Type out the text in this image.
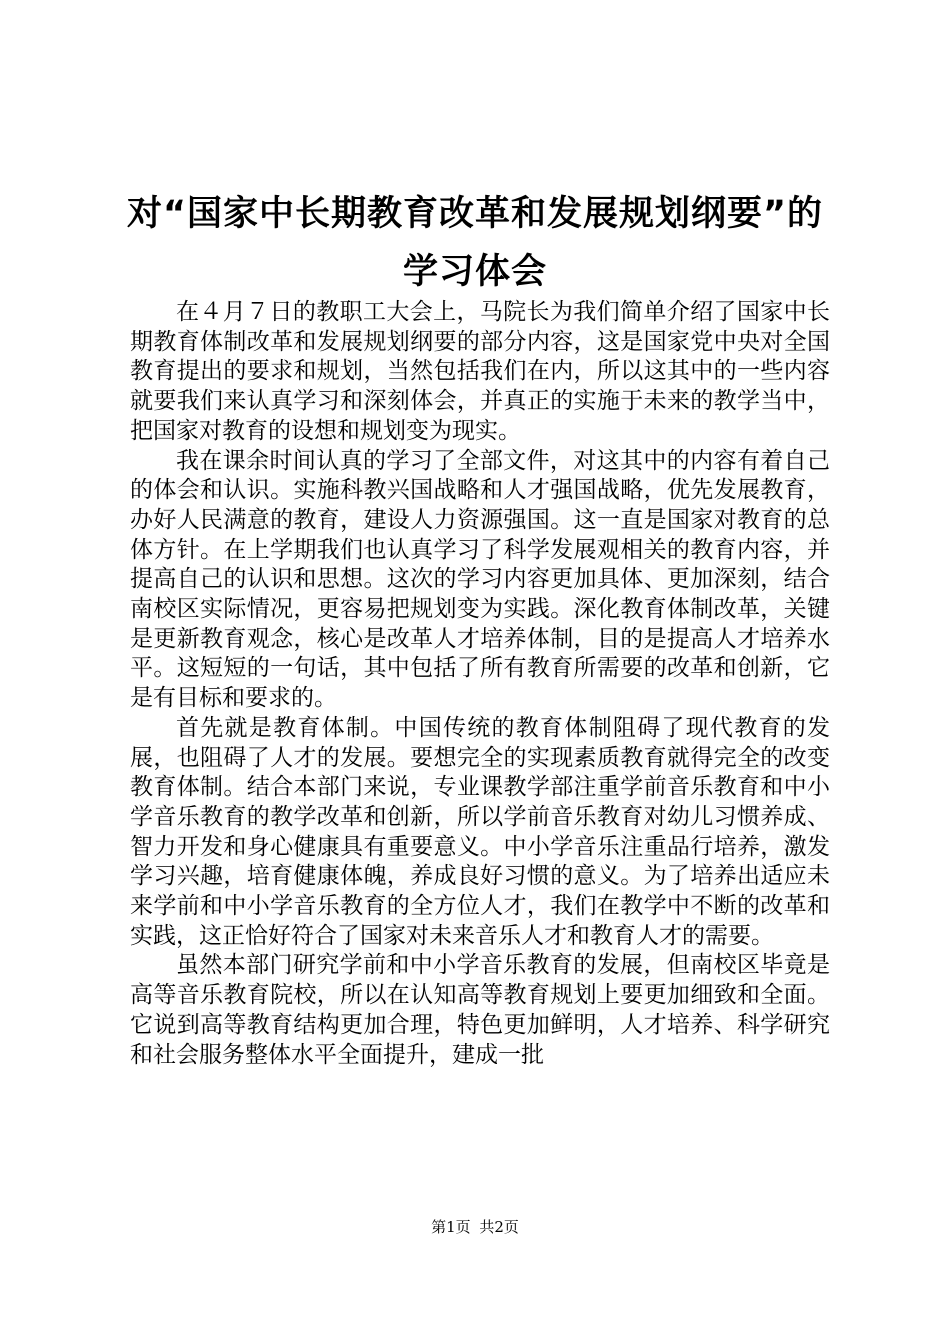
对“国家中长期教育改革和发展规划纲要”的
学习体会

在４月７日的教职工大会上，马院长为我们简单介绍了国家中长期教育体制改革和发展规划纲要的部分内容，这是国家党中央对全国教育提出的要求和规划，当然包括我们在内，所以这其中的一些内容就要我们来认真学习和深刻体会，并真正的实施于未来的教学当中，把国家对教育的设想和规划变为现实。

我在课余时间认真的学习了全部文件，对这其中的内容有着自己的体会和认识。实施科教兴国战略和人才强国战略，优先发展教育，办好人民满意的教育，建设人力资源强国。这一直是国家对教育的总体方针。在上学期我们也认真学习了科学发展观相关的教育内容，并提高自己的认识和思想。这次的学习内容更加具体、更加深刻，结合南校区实际情况，更容易把规划变为实践。深化教育体制改革，关键是更新教育观念，核心是改革人才培养体制，目的是提高人才培养水平。这短短的一句话，其中包括了所有教育所需要的改革和创新，它是有目标和要求的。

首先就是教育体制。中国传统的教育体制阻碍了现代教育的发展，也阻碍了人才的发展。要想完全的实现素质教育就得完全的改变教育体制。结合本部门来说，专业课教学部注重学前音乐教育和中小学音乐教育的教学改革和创新，所以学前音乐教育对幼儿习惯养成、智力开发和身心健康具有重要意义。中小学音乐注重品行培养，激发学习兴趣，培育健康体魄，养成良好习惯的意义。为了培养出适应未来学前和中小学音乐教育的全方位人才，我们在教学中不断的改革和实践，这正恰好符合了国家对未来音乐人才和教育人才的需要。

虽然本部门研究学前和中小学音乐教育的发展，但南校区毕竟是高等音乐教育院校，所以在认知高等教育规划上要更加细致和全面。它说到高等教育结构更加合理，特色更加鲜明，人才培养、科学研究和社会服务整体水平全面提升，建成一批

第1页 共2页
